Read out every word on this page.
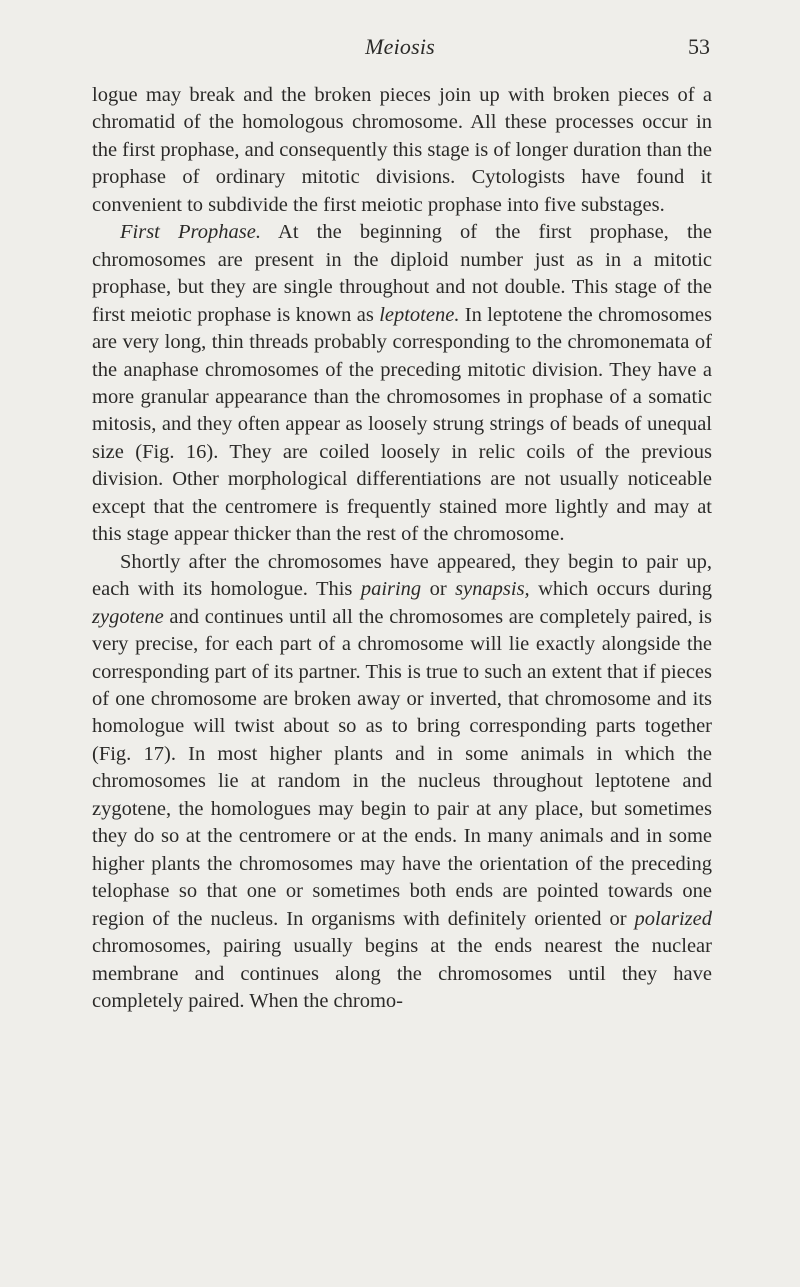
Meiosis	53

logue may break and the broken pieces join up with broken pieces of a chromatid of the homologous chromosome. All these processes occur in the first prophase, and consequently this stage is of longer duration than the prophase of ordinary mitotic divisions. Cytologists have found it convenient to subdivide the first meiotic prophase into five substages.

First Prophase. At the beginning of the first prophase, the chromosomes are present in the diploid number just as in a mitotic prophase, but they are single throughout and not double. This stage of the first meiotic prophase is known as leptotene. In leptotene the chromosomes are very long, thin threads probably corresponding to the chromonemata of the anaphase chromosomes of the preceding mitotic division. They have a more granular appearance than the chromosomes in prophase of a somatic mitosis, and they often appear as loosely strung strings of beads of unequal size (Fig. 16). They are coiled loosely in relic coils of the previous division. Other morphological differentiations are not usually noticeable except that the centromere is frequently stained more lightly and may at this stage appear thicker than the rest of the chromosome.

Shortly after the chromosomes have appeared, they begin to pair up, each with its homologue. This pairing or synapsis, which occurs during zygotene and continues until all the chromosomes are completely paired, is very precise, for each part of a chromosome will lie exactly alongside the corresponding part of its partner. This is true to such an extent that if pieces of one chromosome are broken away or inverted, that chromosome and its homologue will twist about so as to bring corresponding parts together (Fig. 17). In most higher plants and in some animals in which the chromosomes lie at random in the nucleus throughout leptotene and zygotene, the homologues may begin to pair at any place, but sometimes they do so at the centromere or at the ends. In many animals and in some higher plants the chromosomes may have the orientation of the preceding telophase so that one or sometimes both ends are pointed towards one region of the nucleus. In organisms with definitely oriented or polarized chromosomes, pairing usually begins at the ends nearest the nuclear membrane and continues along the chromosomes until they have completely paired. When the chromo-
